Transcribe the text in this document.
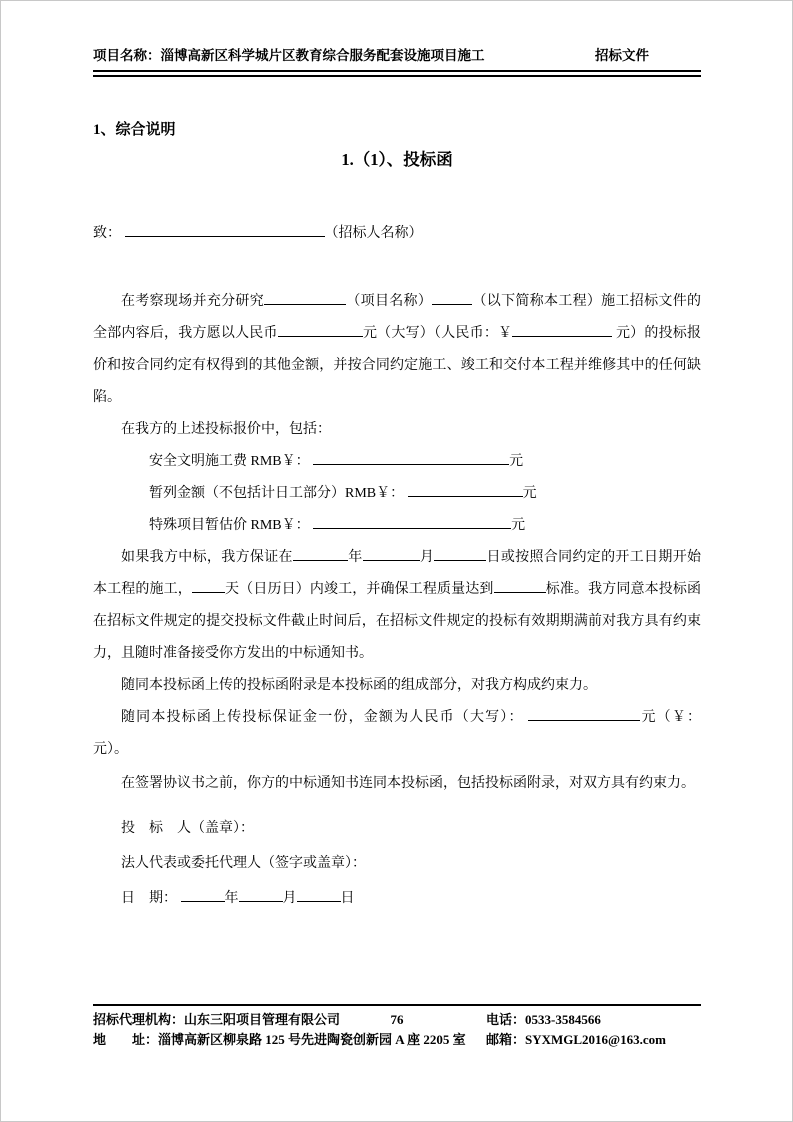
项目名称：淄博高新区科学城片区教育综合服务配套设施项目施工	招标文件
1、综合说明
1.（1）、投标函

致：	（招标人名称）

在考察现场并充分研究	（项目名称）	（以下简称本工程）施工招标文件的全部内容后，我方愿以人民币	元（大写）（人民币：￥	元）的投标报价和按合同约定有权得到的其他金额，并按合同约定施工、竣工和交付本工程并维修其中的任何缺陷。

在我方的上述投标报价中，包括：

安全文明施工费 RMB￥：	元

暂列金额（不包括计日工部分）RMB￥：	元

特殊项目暂估价 RMB￥：	元

如果我方中标，我方保证在	年	月	日或按照合同约定的开工日期开始本工程的施工， 天（日历日）内竣工，并确保工程质量达到	标准。我方同意本投标函在招标文件规定的提交投标文件截止时间后，在招标文件规定的投标有效期期满前对我方具有约束力，且随时准备接受你方发出的中标通知书。

随同本投标函上传的投标函附录是本投标函的组成部分，对我方构成约束力。

随同本投标函上传投标保证金一份，金额为人民币（大写）：	元（￥： 元）。

在签署协议书之前，你方的中标通知书连同本投标函，包括投标函附录，对双方具有约束力。

投　标　人（盖章）：

法人代表或委托代理人（签字或盖章）：

日　期：	年	月	日

招标代理机构：山东三阳项目管理有限公司	76	电话：0533-3584566
地　　址：淄博高新区柳泉路 125 号先进陶瓷创新园 A 座 2205 室 邮箱：SYXMGL2016@163.com
